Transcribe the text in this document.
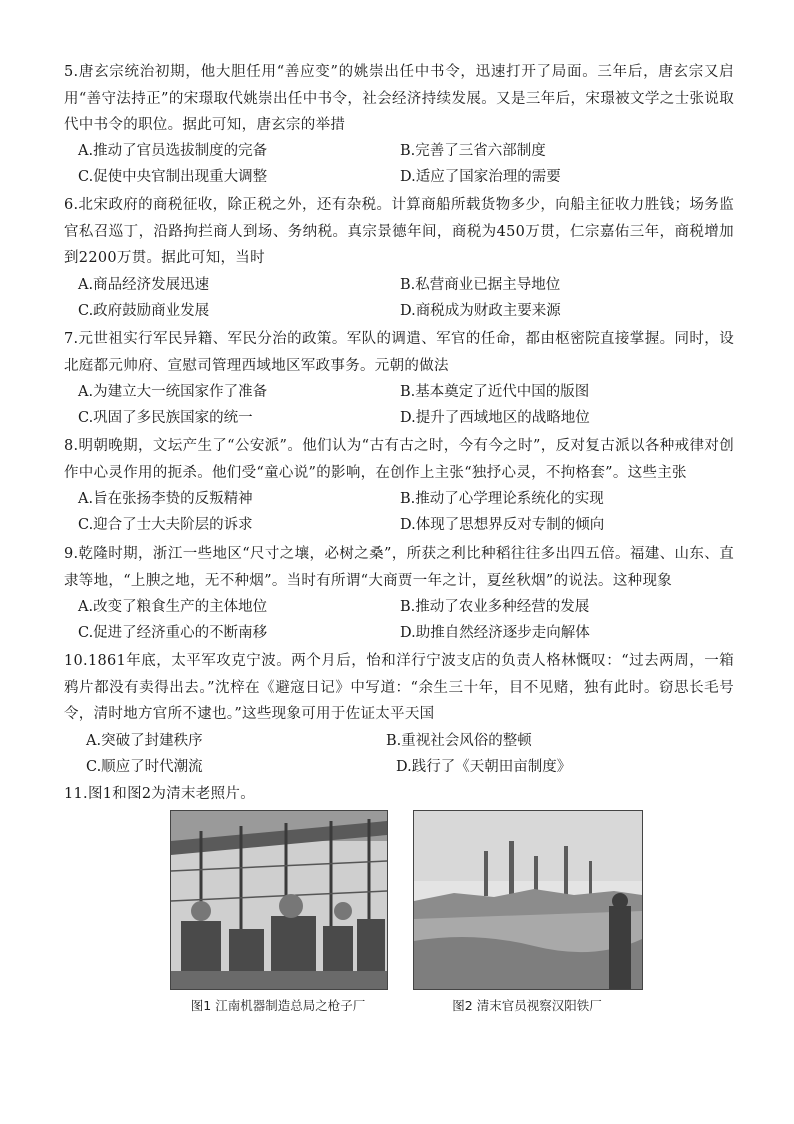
5.唐玄宗统治初期，他大胆任用“善应变”的姚崇出任中书令，迅速打开了局面。三年后，唐玄宗又启用“善守法持正”的宋璟取代姚崇出任中书令，社会经济持续发展。又是三年后，宋璟被文学之士张说取代中书令的职位。据此可知，唐玄宗的举措
A.推动了官员选拔制度的完备	B.完善了三省六部制度
C.促使中央官制出现重大调整	D.适应了国家治理的需要
6.北宋政府的商税征收，除正税之外，还有杂税。计算商船所载货物多少，向船主征收力胜钱；场务监官私召巡丁，沿路拘拦商人到场、务纳税。真宗景德年间，商税为450万贯，仁宗嘉佑三年，商税增加到2200万贯。据此可知，当时
A.商品经济发展迅速	B.私营商业已据主导地位
C.政府鼓励商业发展	D.商税成为财政主要来源
7.元世祖实行军民异籍、军民分治的政策。军队的调遣、军官的任命，都由枢密院直接掌握。同时，设北庭都元帅府、宣慰司管理西域地区军政事务。元朝的做法
A.为建立大一统国家作了准备	B.基本奠定了近代中国的版图
C.巩固了多民族国家的统一	D.提升了西域地区的战略地位
8.明朝晚期，文坛产生了“公安派”。他们认为“古有古之时，今有今之时”，反对复古派以各种戒律对创作中心灵作用的扼杀。他们受“童心说”的影响，在创作上主张“独抒心灵，不拘格套”。这些主张
A.旨在张扬李贽的反叛精神	B.推动了心学理论系统化的实现
C.迎合了士大夫阶层的诉求	D.体现了思想界反对专制的倾向
9.乾隆时期，浙江一些地区“尺寸之壤，必树之桑”，所获之利比种稻往往多出四五倍。福建、山东、直隶等地，“上腴之地，无不种烟”。当时有所谓“大商贾一年之计，夏丝秋烟”的说法。这种现象
A.改变了粮食生产的主体地位	B.推动了农业多种经营的发展
C.促进了经济重心的不断南移	D.助推自然经济逐步走向解体
10.1861年底，太平军攻克宁波。两个月后，怡和洋行宁波支店的负责人格林慨叹：“过去两周，一箱鸦片都没有卖得出去。”沈梓在《避寇日记》中写道：“余生三十年，目不见赌，独有此时。窃思长毛号令，清时地方官所不逮也。”这些现象可用于佐证太平天国
A.突破了封建秩序	B.重视社会风俗的整顿
C.顺应了时代潮流	D.践行了《天朝田亩制度》
11.图1和图2为清末老照片。
图1 江南机器制造总局之枪子厂	图2 清末官员视察汉阳铁厂
